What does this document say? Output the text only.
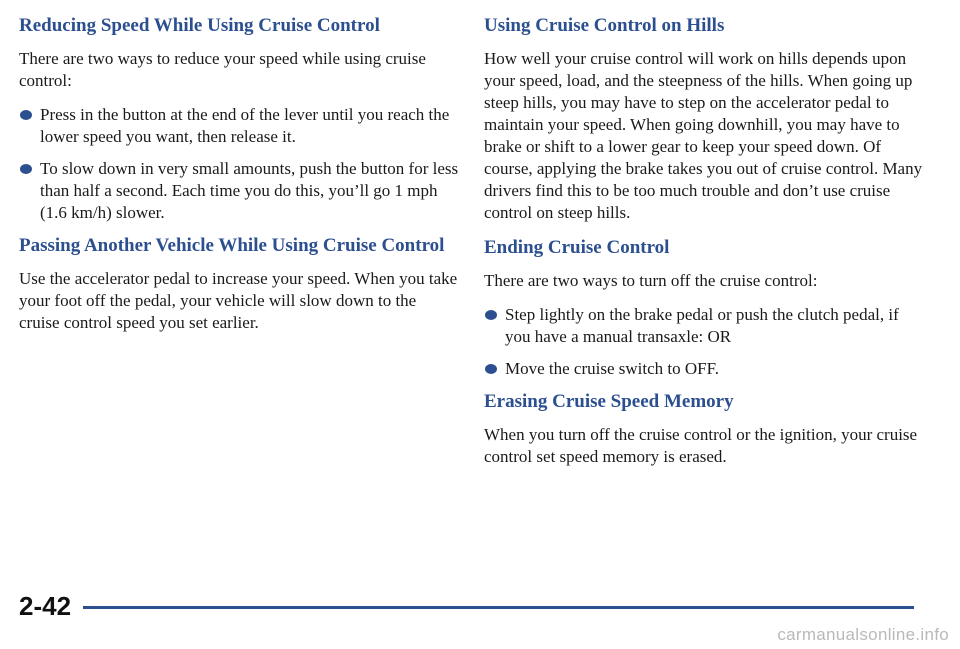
Reducing Speed While Using Cruise Control

There are two ways to reduce your speed while using cruise control:

Press in the button at the end of the lever until you reach the lower speed you want, then release it.
To slow down in very small amounts, push the button for less than half a second. Each time you do this, you’ll go 1 mph (1.6 km/h) slower.
Passing Another Vehicle While Using Cruise Control

Use the accelerator pedal to increase your speed. When you take your foot off the pedal, your vehicle will slow down to the cruise control speed you set earlier.

Using Cruise Control on Hills

How well your cruise control will work on hills depends upon your speed, load, and the steepness of the hills. When going up steep hills, you may have to step on the accelerator pedal to maintain your speed. When going downhill, you may have to brake or shift to a lower gear to keep your speed down. Of course, applying the brake takes you out of cruise control. Many drivers find this to be too much trouble and don’t use cruise control on steep hills.

Ending Cruise Control

There are two ways to turn off the cruise control:

Step lightly on the brake pedal or push the clutch pedal, if you have a manual transaxle: OR
Move the cruise switch to OFF.
Erasing Cruise Speed Memory

When you turn off the cruise control or the ignition, your cruise control set speed memory is erased.

2-42
carmanualsonline.info
